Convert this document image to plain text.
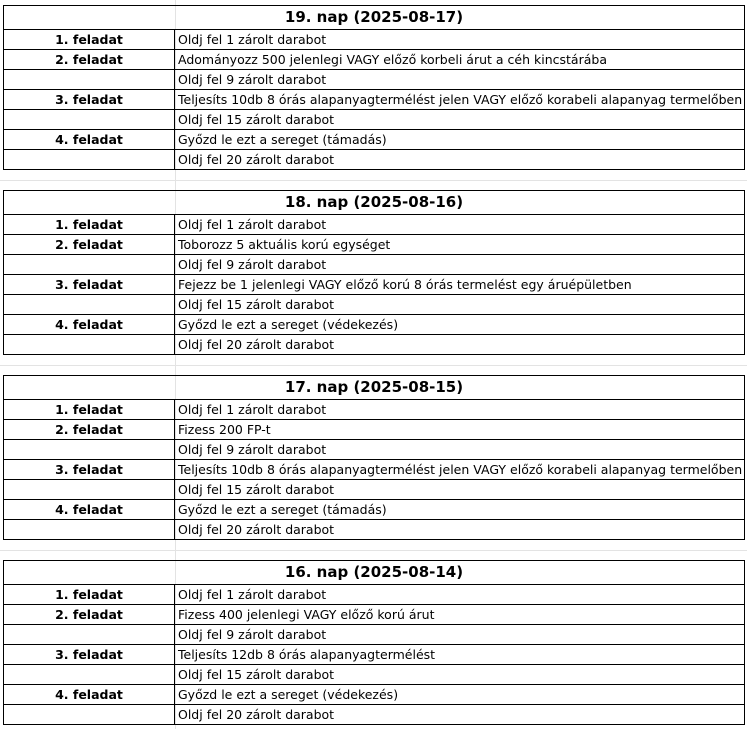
19. nap (2025-08-17)	
1. feladat	Oldj fel 1 zárolt darabot
2. feladat	Adományozz 500 jelenlegi VAGY előző korbeli árut a céh kincstárába
	Oldj fel 9 zárolt darabot
3. feladat	Teljesíts 10db 8 órás alapanyagtermélést jelen VAGY előző korabeli alapanyag termelőben
	Oldj fel 15 zárolt darabot
4. feladat	Győzd le ezt a sereget (támadás)
	Oldj fel 20 zárolt darabot
18. nap (2025-08-16)	
1. feladat	Oldj fel 1 zárolt darabot
2. feladat	Toborozz 5 aktuális korú egységet
	Oldj fel 9 zárolt darabot
3. feladat	Fejezz be 1 jelenlegi VAGY előző korú 8 órás termelést egy áruépületben
	Oldj fel 15 zárolt darabot
4. feladat	Győzd le ezt a sereget (védekezés)
	Oldj fel 20 zárolt darabot
17. nap (2025-08-15)	
1. feladat	Oldj fel 1 zárolt darabot
2. feladat	Fizess 200 FP-t
	Oldj fel 9 zárolt darabot
3. feladat	Teljesíts 10db 8 órás alapanyagtermélést jelen VAGY előző korabeli alapanyag termelőben
	Oldj fel 15 zárolt darabot
4. feladat	Győzd le ezt a sereget (támadás)
	Oldj fel 20 zárolt darabot
16. nap (2025-08-14)	
1. feladat	Oldj fel 1 zárolt darabot
2. feladat	Fizess 400 jelenlegi VAGY előző korú árut
	Oldj fel 9 zárolt darabot
3. feladat	Teljesíts 12db 8 órás alapanyagtermélést
	Oldj fel 15 zárolt darabot
4. feladat	Győzd le ezt a sereget (védekezés)
	Oldj fel 20 zárolt darabot
